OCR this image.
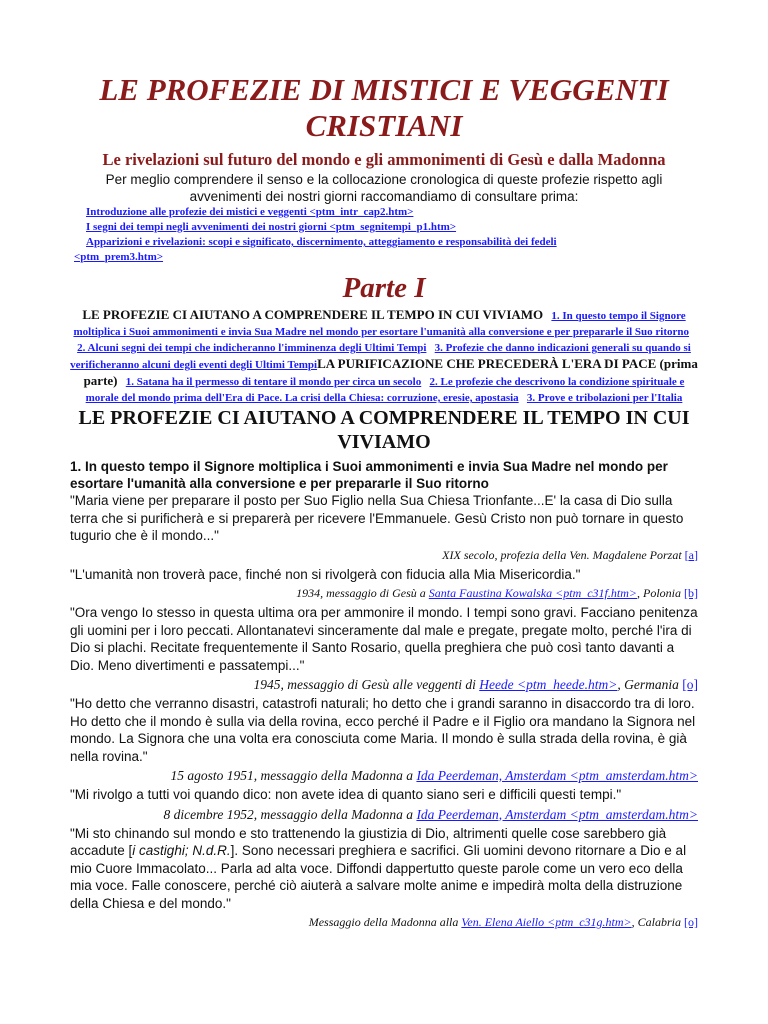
LE PROFEZIE DI MISTICI E VEGGENTI CRISTIANI

Le rivelazioni sul futuro del mondo e gli ammonimenti di Gesù e dalla Madonna

Per meglio comprendere il senso e la collocazione cronologica di queste profezie rispetto agli avvenimenti dei nostri giorni raccomandiamo di consultare prima:

Introduzione alle profezie dei mistici e veggenti <ptm_intr_cap2.htm>
I segni dei tempi negli avvenimenti dei nostri giorni <ptm_segnitempi_p1.htm>
Apparizioni e rivelazioni: scopi e significato, discernimento, atteggiamento e responsabilità dei fedeli
<ptm_prem3.htm>
Parte I

LE PROFEZIE CI AIUTANO A COMPRENDERE IL TEMPO IN CUI VIVIAMO 1. In questo tempo il Signore moltiplica i Suoi ammonimenti e invia Sua Madre nel mondo per esortare l'umanità alla conversione e per prepararle il Suo ritorno   2. Alcuni segni dei tempi che indicheranno l'imminenza degli Ultimi Tempi 3. Profezie che danno indicazioni generali su quando si verificheranno alcuni degli eventi degli Ultimi TempiLA PURIFICAZIONE CHE PRECEDERÀ L'ERA DI PACE (prima parte) 1. Satana ha il permesso di tentare il mondo per circa un secolo 2. Le profezie che descrivono la condizione spirituale e morale del mondo prima dell'Era di Pace. La crisi della Chiesa: corruzione, eresie, apostasia 3. Prove e tribolazioni per l'Italia

LE PROFEZIE CI AIUTANO A COMPRENDERE IL TEMPO IN CUI VIVIAMO

1. In questo tempo il Signore moltiplica i Suoi ammonimenti e invia Sua Madre nel mondo per esortare l'umanità alla conversione e per prepararle il Suo ritorno

"Maria viene per preparare il posto per Suo Figlio nella Sua Chiesa Trionfante...E' la casa di Dio sulla terra che si purificherà e si preparerà per ricevere l'Emmanuele. Gesù Cristo non può tornare in questo tugurio che è il mondo..."

XIX secolo, profezia della Ven. Magdalene Porzat [a]

"L'umanità non troverà pace, finché non si rivolgerà con fiducia alla Mia Misericordia."

1934, messaggio di Gesù a Santa Faustina Kowalska <ptm_c31f.htm>, Polonia [b]

"Ora vengo Io stesso in questa ultima ora per ammonire il mondo. I tempi sono gravi. Facciano penitenza gli uomini per i loro peccati. Allontanatevi sinceramente dal male e pregate, pregate molto, perché l'ira di Dio si plachi. Recitate frequentemente il Santo Rosario, quella preghiera che può così tanto davanti a Dio. Meno divertimenti e passatempi..."

1945, messaggio di Gesù alle veggenti di Heede <ptm_heede.htm>, Germania [o]

"Ho detto che verranno disastri, catastrofi naturali; ho detto che i grandi saranno in disaccordo tra di loro. Ho detto che il mondo è sulla via della rovina, ecco perché il Padre e il Figlio ora mandano la Signora nel mondo. La Signora che una volta era conosciuta come Maria. Il mondo è sulla strada della rovina, è già nella rovina."

15 agosto 1951, messaggio della Madonna a Ida Peerdeman, Amsterdam <ptm_amsterdam.htm>

"Mi rivolgo a tutti voi quando dico: non avete idea di quanto siano seri e difficili questi tempi."

8 dicembre 1952, messaggio della Madonna a Ida Peerdeman, Amsterdam <ptm_amsterdam.htm>

"Mi sto chinando sul mondo e sto trattenendo la giustizia di Dio, altrimenti quelle cose sarebbero già accadute [i castighi; N.d.R.]. Sono necessari preghiera e sacrifici. Gli uomini devono ritornare a Dio e al mio Cuore Immacolato... Parla ad alta voce. Diffondi dappertutto queste parole come un vero eco della mia voce. Falle conoscere, perché ciò aiuterà a salvare molte anime e impedirà molta della distruzione della Chiesa e del mondo."

Messaggio della Madonna alla Ven. Elena Aiello <ptm_c31g.htm>, Calabria [o]
